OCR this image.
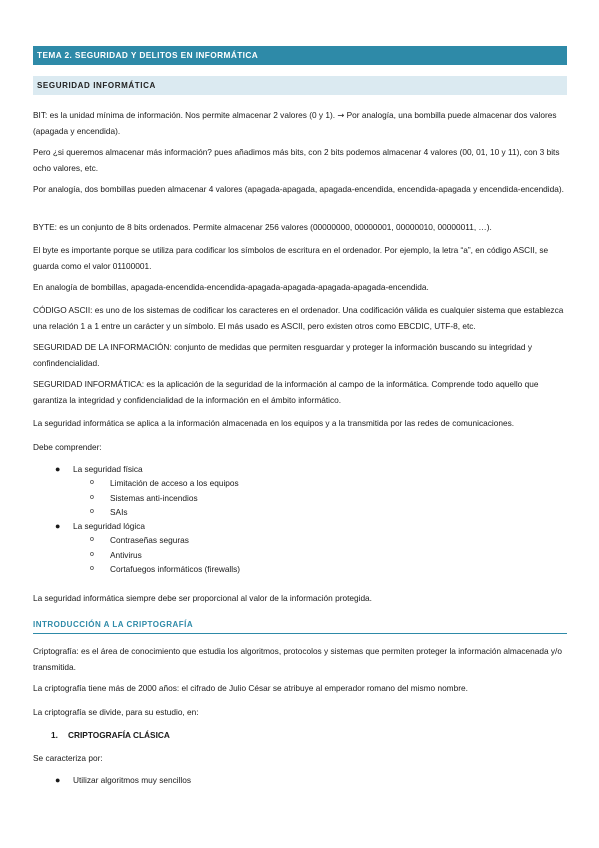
TEMA 2. SEGURIDAD Y DELITOS EN INFORMÁTICA
SEGURIDAD INFORMÁTICA

BIT: es la unidad mínima de información. Nos permite almacenar 2 valores (0 y 1). → Por analogía, una bombilla puede almacenar dos valores (apagada y encendida).

Pero ¿si queremos almacenar más información? pues añadimos más bits, con 2 bits podemos almacenar 4 valores (00, 01, 10 y 11), con 3 bits ocho valores, etc.

Por analogía, dos bombillas pueden almacenar 4 valores (apagada-apagada, apagada-encendida, encendida-apagada y encendida-encendida).

BYTE: es un conjunto de 8 bits ordenados. Permite almacenar 256 valores (00000000, 00000001, 00000010, 00000011, …).

El byte es importante porque se utiliza para codificar los símbolos de escritura en el ordenador. Por ejemplo, la letra “a”, en código ASCII, se guarda como el valor 01100001.

En analogía de bombillas, apagada-encendida-encendida-apagada-apagada-apagada-apagada-encendida.

CÓDIGO ASCII: es uno de los sistemas de codificar los caracteres en el ordenador. Una codificación válida es cualquier sistema que establezca una relación 1 a 1 entre un carácter y un símbolo. El más usado es ASCII, pero existen otros como EBCDIC, UTF-8, etc.

SEGURIDAD DE LA INFORMACIÓN: conjunto de medidas que permiten resguardar y proteger la información buscando su integridad y confindencialidad.

SEGURIDAD INFORMÁTICA: es la aplicación de la seguridad de la información al campo de la informática. Comprende todo aquello que garantiza la integridad y confidencialidad de la información en el ámbito informático.

La seguridad informática se aplica a la información almacenada en los equipos y a la transmitida por las redes de comunicaciones.

Debe comprender:

● La seguridad física
o Limitación de acceso a los equipos
o Sistemas anti-incendios
o SAIs
● La seguridad lógica
o Contraseñas seguras
o Antivirus
o Cortafuegos informáticos (firewalls)

La seguridad informática siempre debe ser proporcional al valor de la información protegida.

INTRODUCCIÓN A LA CRIPTOGRAFÍA

Criptografía: es el área de conocimiento que estudia los algoritmos, protocolos y sistemas que permiten proteger la información almacenada y/o transmitida.

La criptografía tiene más de 2000 años: el cifrado de Julio César se atribuye al emperador romano del mismo nombre.

La criptografía se divide, para su estudio, en:

1. CRIPTOGRAFÍA CLÁSICA

Se caracteriza por:

● Utilizar algoritmos muy sencillos
